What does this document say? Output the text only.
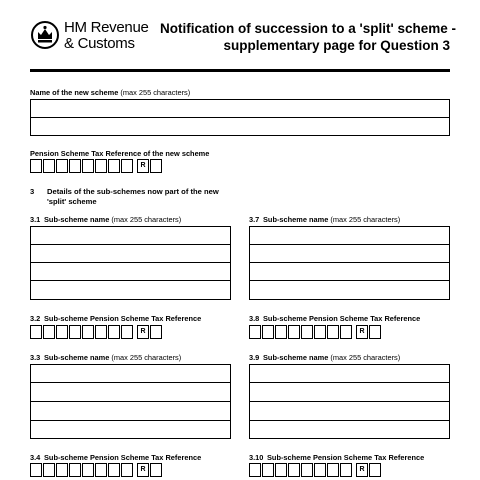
HM Revenue
& Customs
Notification of succession to a 'split' scheme -
supplementary page for Question 3
Name of the new scheme (max 255 characters)
Pension Scheme Tax Reference of the new scheme
R
3 Details of the sub-schemes now part of the new
'split' scheme
3.1 Sub-scheme name (max 255 characters)	3.7 Sub-scheme name (max 255 characters)
3.2 Sub-scheme Pension Scheme Tax Reference
R
3.8 Sub-scheme Pension Scheme Tax Reference
R
3.3 Sub-scheme name (max 255 characters)	3.9 Sub-scheme name (max 255 characters)
3.4 Sub-scheme Pension Scheme Tax Reference
R
3.10 Sub-scheme Pension Scheme Tax Reference
R
